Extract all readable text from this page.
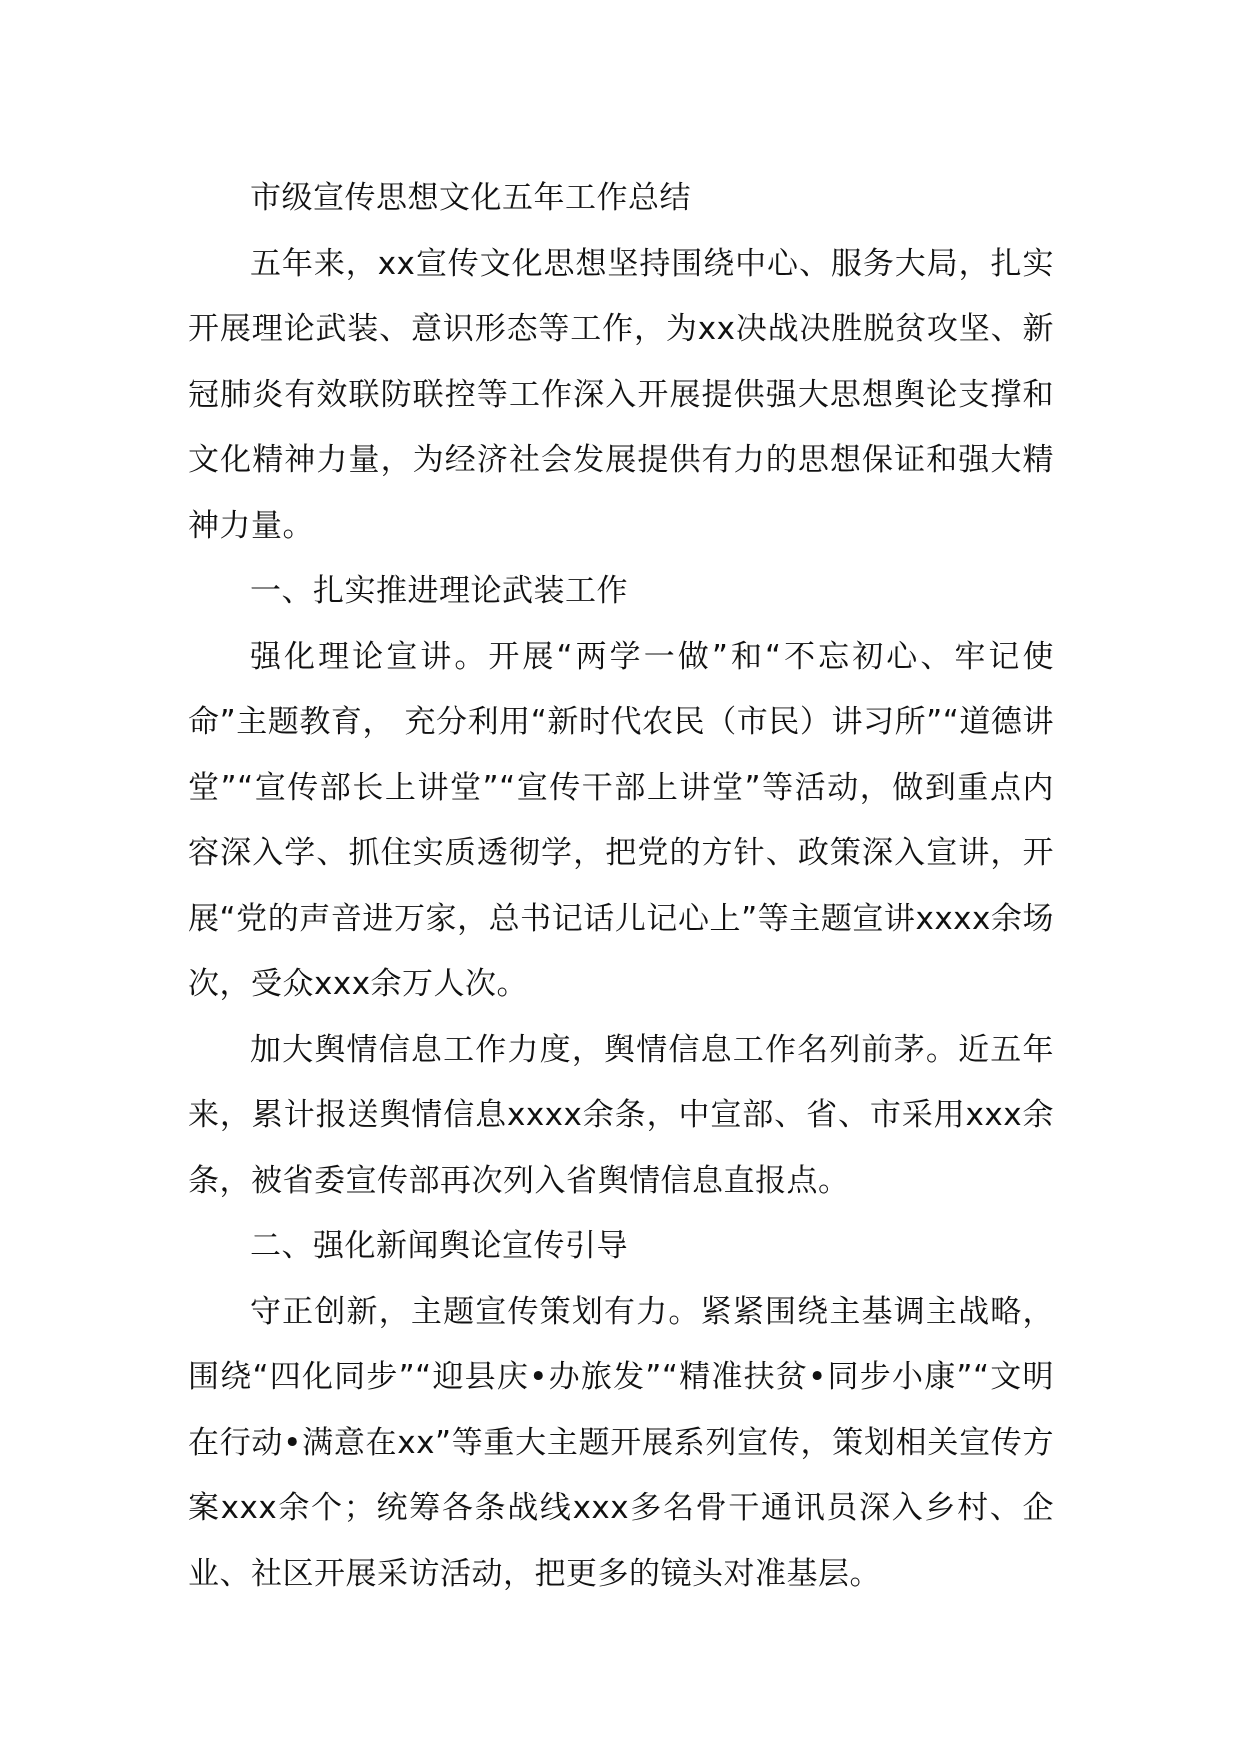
市级宣传思想文化五年工作总结

五年来，xx宣传文化思想坚持围绕中心、服务大局，扎实开展理论武装、意识形态等工作，为xx决战决胜脱贫攻坚、新冠肺炎有效联防联控等工作深入开展提供强大思想舆论支撑和文化精神力量，为经济社会发展提供有力的思想保证和强大精神力量。

一、扎实推进理论武装工作

强化理论宣讲。开展“两学一做”和“不忘初心、牢记使命”主题教育， 充分利用“新时代农民（市民）讲习所”“道德讲堂”“宣传部长上讲堂”“宣传干部上讲堂”等活动，做到重点内容深入学、抓住实质透彻学，把党的方针、政策深入宣讲，开展“党的声音进万家，总书记话儿记心上”等主题宣讲xxxx余场次，受众xxx余万人次。

加大舆情信息工作力度，舆情信息工作名列前茅。近五年来，累计报送舆情信息xxxx余条，中宣部、省、市采用xxx余条，被省委宣传部再次列入省舆情信息直报点。

二、强化新闻舆论宣传引导

守正创新，主题宣传策划有力。紧紧围绕主基调主战略，围绕“四化同步”“迎县庆•办旅发”“精准扶贫•同步小康”“文明在行动•满意在xx”等重大主题开展系列宣传，策划相关宣传方案xxx余个；统筹各条战线xxx多名骨干通讯员深入乡村、企业、社区开展采访活动，把更多的镜头对准基层。
